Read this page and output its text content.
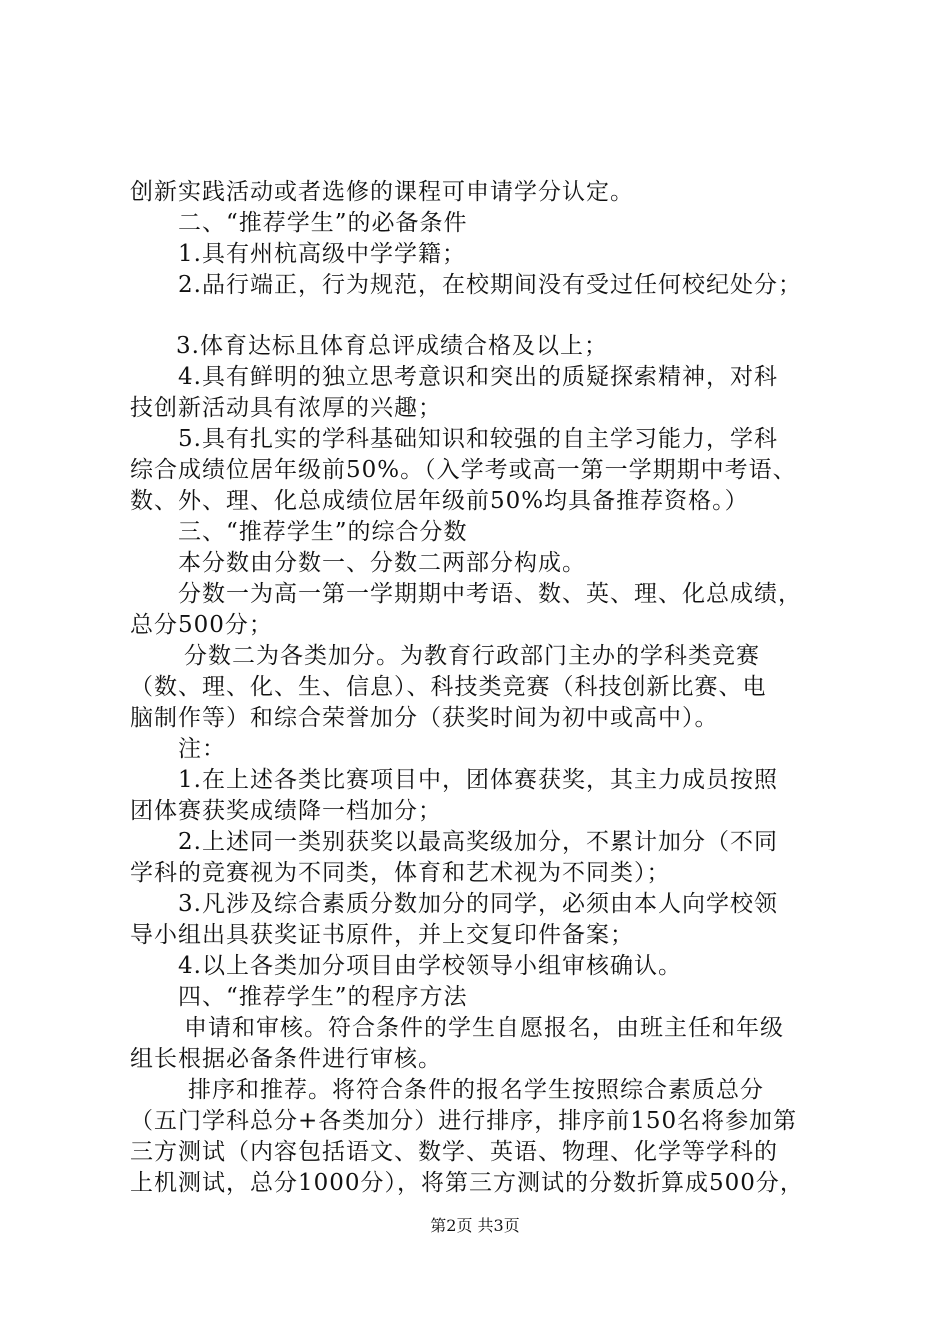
创新实践活动或者选修的课程可申请学分认定。
二、“推荐学生”的必备条件
1.具有州杭高级中学学籍；
2.品行端正，行为规范，在校期间没有受过任何校纪处分；
3.体育达标且体育总评成绩合格及以上；
4.具有鲜明的独立思考意识和突出的质疑探索精神，对科
技创新活动具有浓厚的兴趣；
5.具有扎实的学科基础知识和较强的自主学习能力，学科
综合成绩位居年级前50%。（入学考或高一第一学期期中考语、
数、外、理、化总成绩位居年级前50%均具备推荐资格。）
三、“推荐学生”的综合分数
本分数由分数一、分数二两部分构成。
分数一为高一第一学期期中考语、数、英、理、化总成绩，
总分500分；
分数二为各类加分。为教育行政部门主办的学科类竞赛
（数、理、化、生、信息）、科技类竞赛（科技创新比赛、电
脑制作等）和综合荣誉加分（获奖时间为初中或高中）。
注：
1.在上述各类比赛项目中，团体赛获奖，其主力成员按照
团体赛获奖成绩降一档加分；
2.上述同一类别获奖以最高奖级加分，不累计加分（不同
学科的竞赛视为不同类，体育和艺术视为不同类）；
3.凡涉及综合素质分数加分的同学，必须由本人向学校领
导小组出具获奖证书原件，并上交复印件备案；
4.以上各类加分项目由学校领导小组审核确认。
四、“推荐学生”的程序方法
申请和审核。符合条件的学生自愿报名，由班主任和年级
组长根据必备条件进行审核。
排序和推荐。将符合条件的报名学生按照综合素质总分
（五门学科总分+各类加分）进行排序，排序前150名将参加第
三方测试（内容包括语文、数学、英语、物理、化学等学科的
上机测试，总分1000分），将第三方测试的分数折算成500分，
第2页 共3页
